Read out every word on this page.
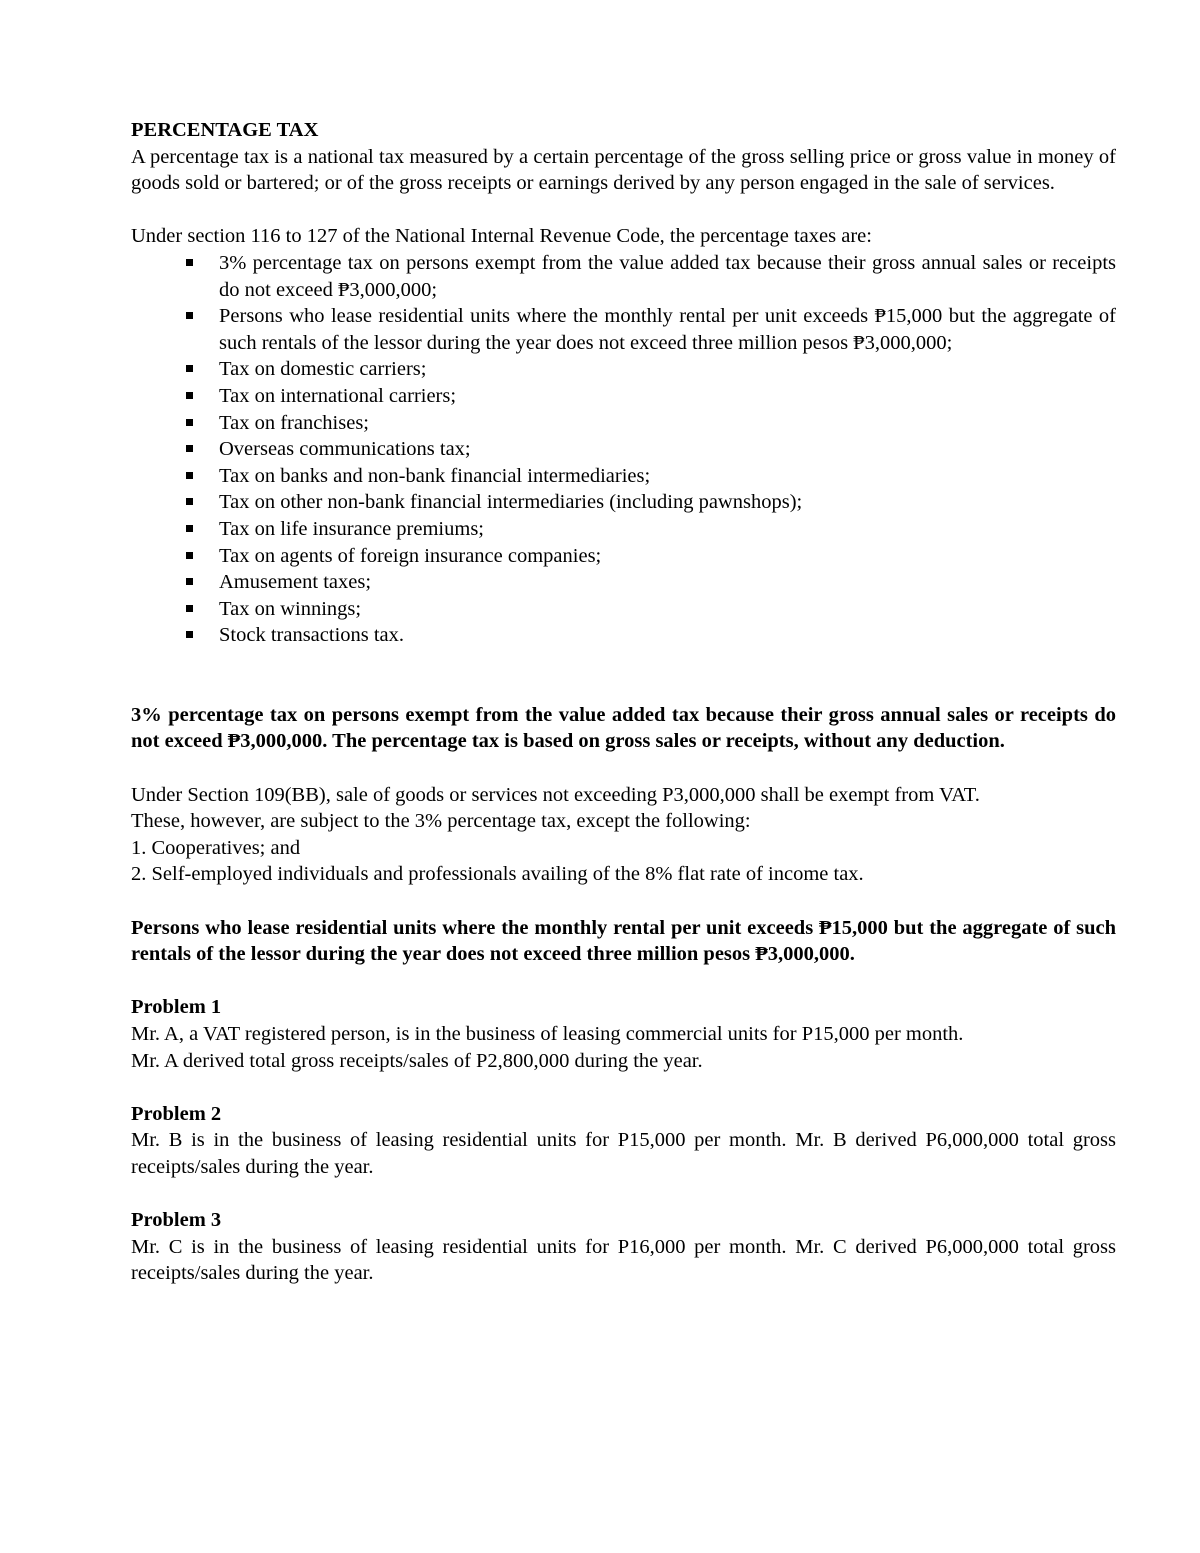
PERCENTAGE TAX

A percentage tax is a national tax measured by a certain percentage of the gross selling price or gross value in money of goods sold or bartered; or of the gross receipts or earnings derived by any person engaged in the sale of services.

Under section 116 to 127 of the National Internal Revenue Code, the percentage taxes are:

3% percentage tax on persons exempt from the value added tax because their gross annual sales or receipts do not exceed ₱3,000,000;
Persons who lease residential units where the monthly rental per unit exceeds ₱15,000 but the aggregate of such rentals of the lessor during the year does not exceed three million pesos ₱3,000,000;
Tax on domestic carriers;
Tax on international carriers;
Tax on franchises;
Overseas communications tax;
Tax on banks and non-bank financial intermediaries;
Tax on other non-bank financial intermediaries (including pawnshops);
Tax on life insurance premiums;
Tax on agents of foreign insurance companies;
Amusement taxes;
Tax on winnings;
Stock transactions tax.

3% percentage tax on persons exempt from the value added tax because their gross annual sales or receipts do not exceed ₱3,000,000. The percentage tax is based on gross sales or receipts, without any deduction.

Under Section 109(BB), sale of goods or services not exceeding P3,000,000 shall be exempt from VAT.

These, however, are subject to the 3% percentage tax, except the following:

1. Cooperatives; and

2. Self-employed individuals and professionals availing of the 8% flat rate of income tax.

Persons who lease residential units where the monthly rental per unit exceeds ₱15,000 but the aggregate of such rentals of the lessor during the year does not exceed three million pesos ₱3,000,000.

Problem 1

Mr. A, a VAT registered person, is in the business of leasing commercial units for P15,000 per month.

Mr. A derived total gross receipts/sales of P2,800,000 during the year.

Problem 2

Mr. B is in the business of leasing residential units for P15,000 per month. Mr. B derived P6,000,000 total gross receipts/sales during the year.

Problem 3

Mr. C is in the business of leasing residential units for P16,000 per month. Mr. C derived P6,000,000 total gross receipts/sales during the year.
